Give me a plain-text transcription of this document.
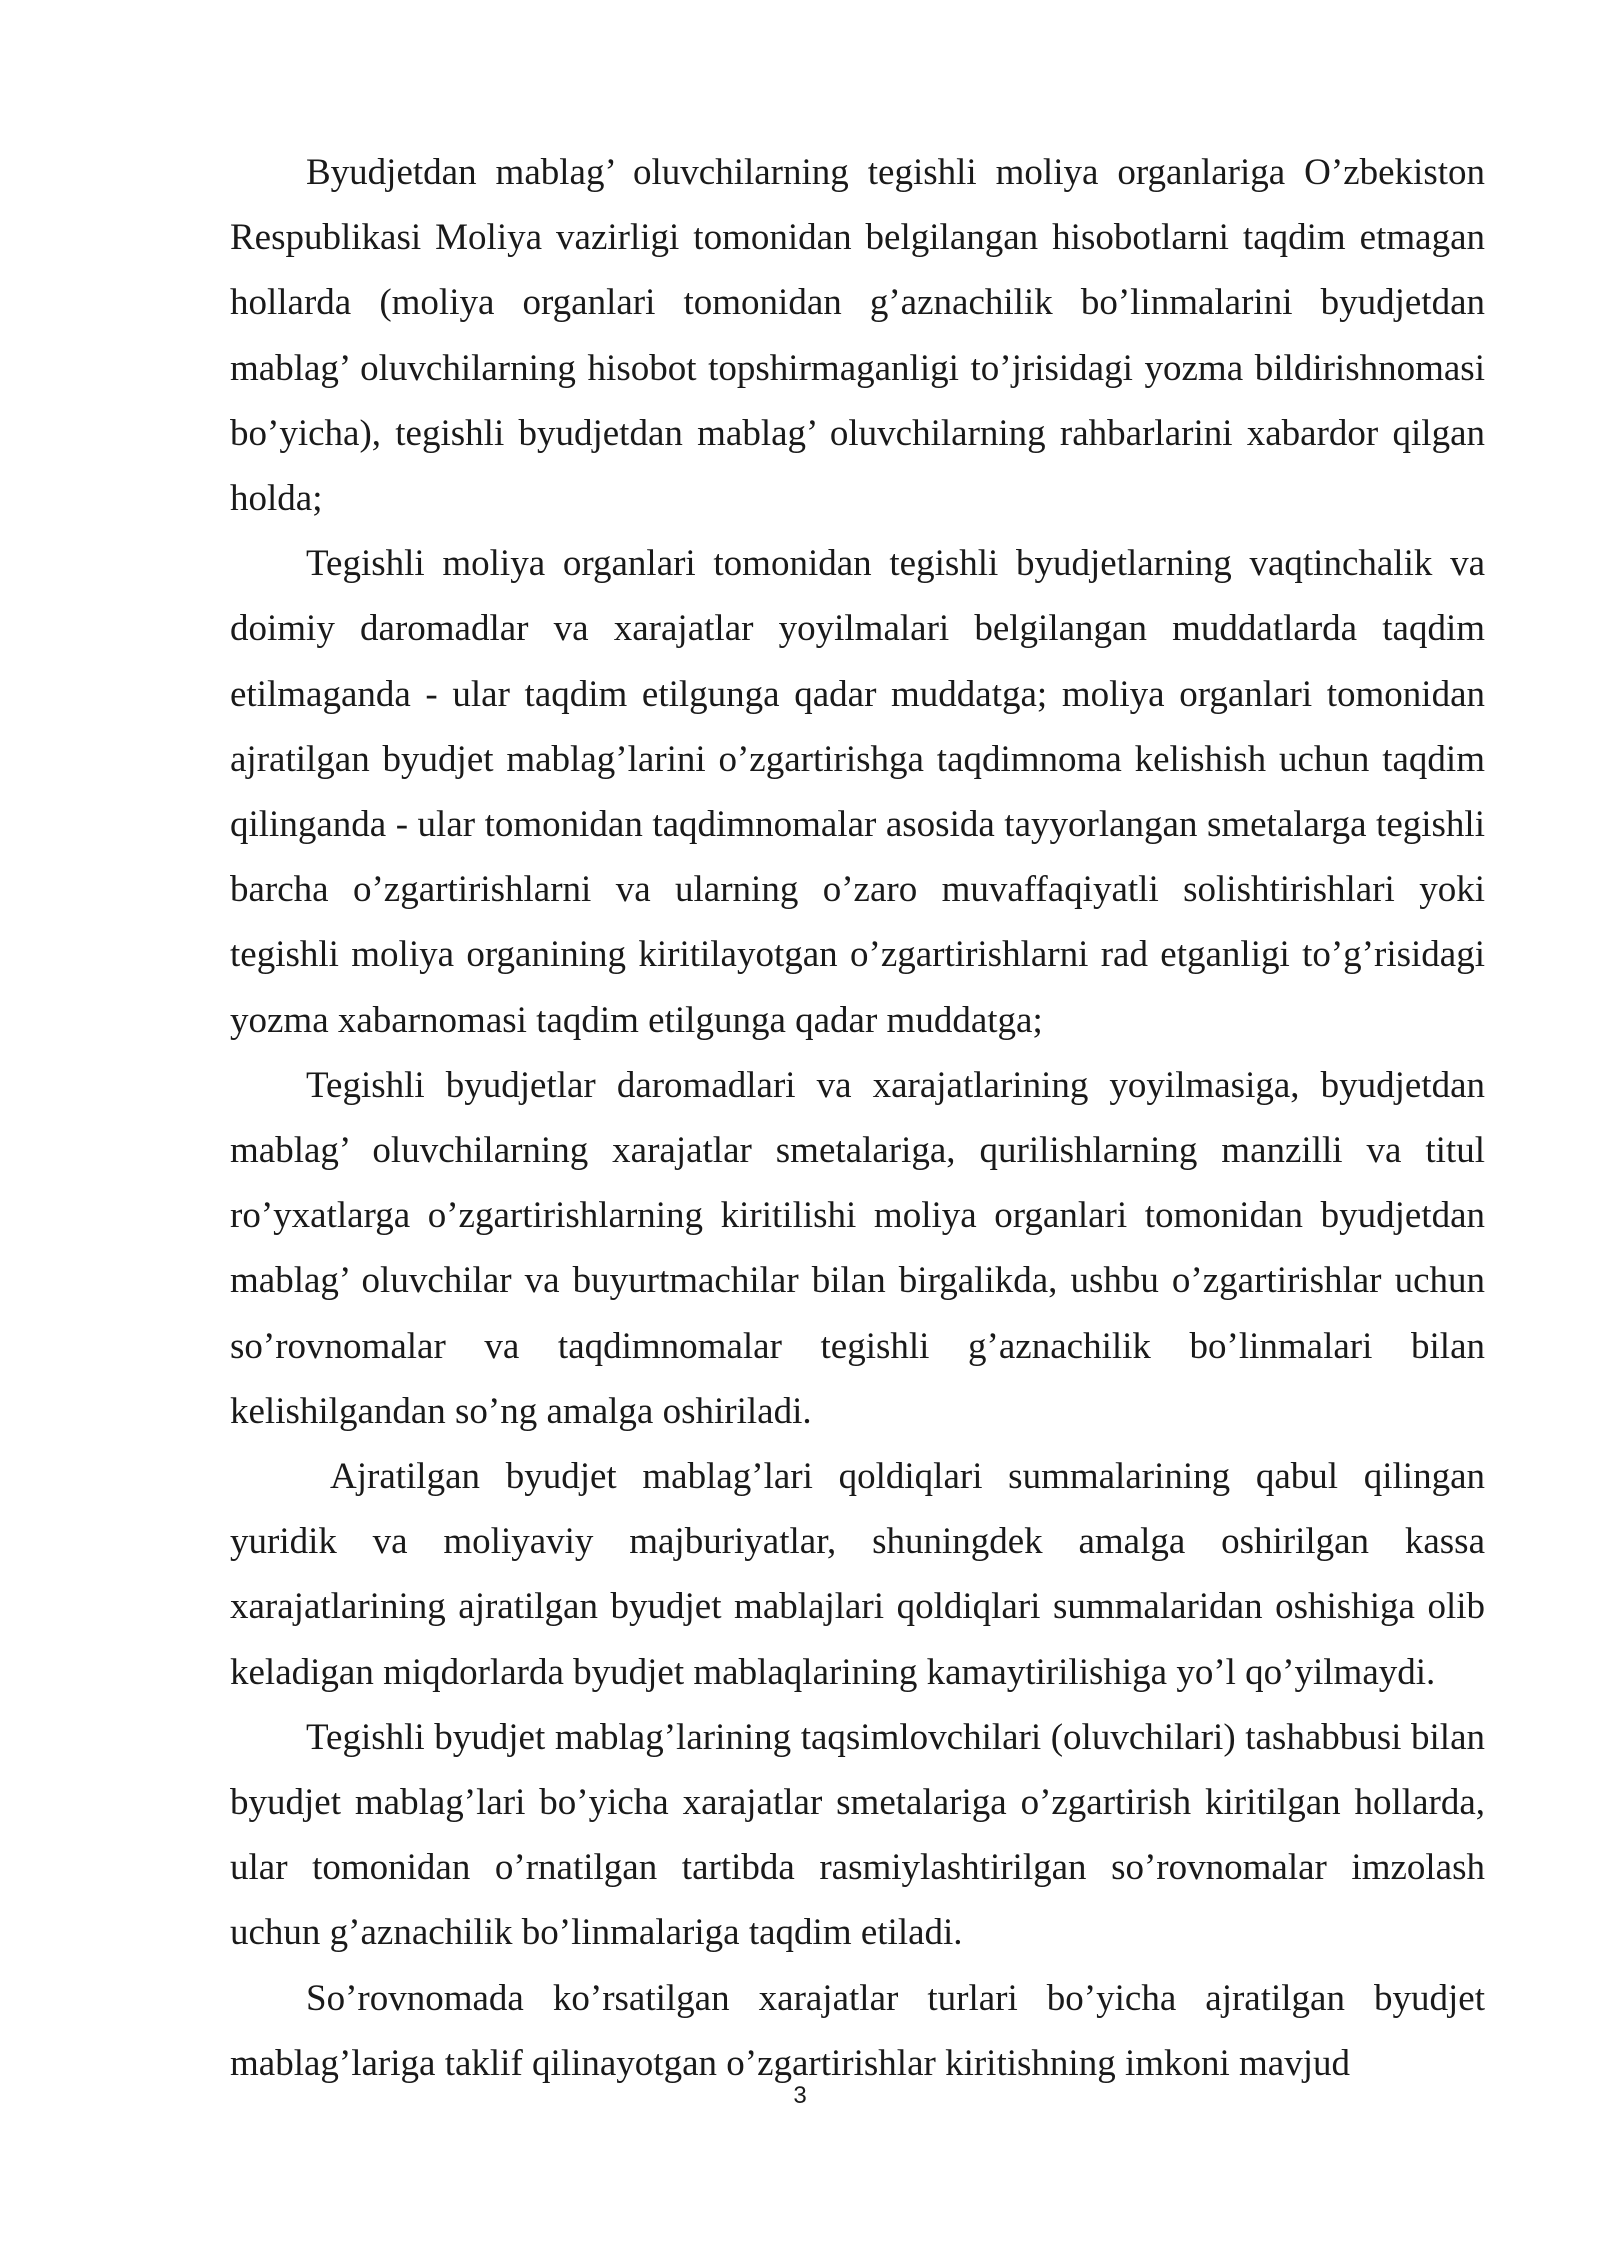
Byudjetdan mablag’ oluvchilarning tegishli moliya organlariga O’zbekiston Respublikasi Moliya vazirligi tomonidan belgilangan hisobotlarni taqdim etmagan hollarda (moliya organlari tomonidan g’aznachilik bo’linmalarini byudjetdan mablag’ oluvchilarning hisobot topshirmaganligi to’jrisidagi yozma bildirishnomasi bo’yicha), tegishli byudjetdan mablag’ oluvchilarning rahbarlarini xabardor qilgan holda;

Tegishli moliya organlari tomonidan tegishli byudjetlarning vaqtinchalik va doimiy daromadlar va xarajatlar yoyilmalari belgilangan muddatlarda taqdim etilmaganda - ular taqdim etilgunga qadar muddatga; moliya organlari tomonidan ajratilgan byudjet mablag’larini o’zgartirishga taqdimnoma kelishish uchun taqdim qilinganda - ular tomonidan taqdimnomalar asosida tayyorlangan smetalarga tegishli barcha o’zgartirishlarni va ularning o’zaro muvaffaqiyatli solishtirishlari yoki tegishli moliya organining kiritilayotgan o’zgartirishlarni rad etganligi to’g’risidagi yozma xabarnomasi taqdim etilgunga qadar muddatga;

Tegishli byudjetlar daromadlari va xarajatlarining yoyilmasiga, byudjetdan mablag’ oluvchilarning xarajatlar smetalariga, qurilishlarning manzilli va titul ro’yxatlarga o’zgartirishlarning kiritilishi moliya organlari tomonidan byudjetdan mablag’ oluvchilar va buyurtmachilar bilan birgalikda, ushbu o’zgartirishlar uchun so’rovnomalar va taqdimnomalar tegishli g’aznachilik bo’linmalari bilan kelishilgandan so’ng amalga oshiriladi.

Ajratilgan byudjet mablag’lari qoldiqlari summalarining qabul qilingan yuridik va moliyaviy majburiyatlar, shuningdek amalga oshirilgan kassa xarajatlarining ajratilgan byudjet mablajlari qoldiqlari summalaridan oshishiga olib keladigan miqdorlarda byudjet mablaqlarining kamaytirilishiga yo’l qo’yilmaydi.

Tegishli byudjet mablag’larining taqsimlovchilari (oluvchilari) tashabbusi bilan byudjet mablag’lari bo’yicha xarajatlar smetalariga o’zgartirish kiritilgan hollarda, ular tomonidan o’rnatilgan tartibda rasmiylashtirilgan so’rovnomalar imzolash uchun g’aznachilik bo’linmalariga taqdim etiladi.

So’rovnomada ko’rsatilgan xarajatlar turlari bo’yicha ajratilgan byudjet mablag’lariga taklif qilinayotgan o’zgartirishlar kiritishning imkoni mavjud

3
